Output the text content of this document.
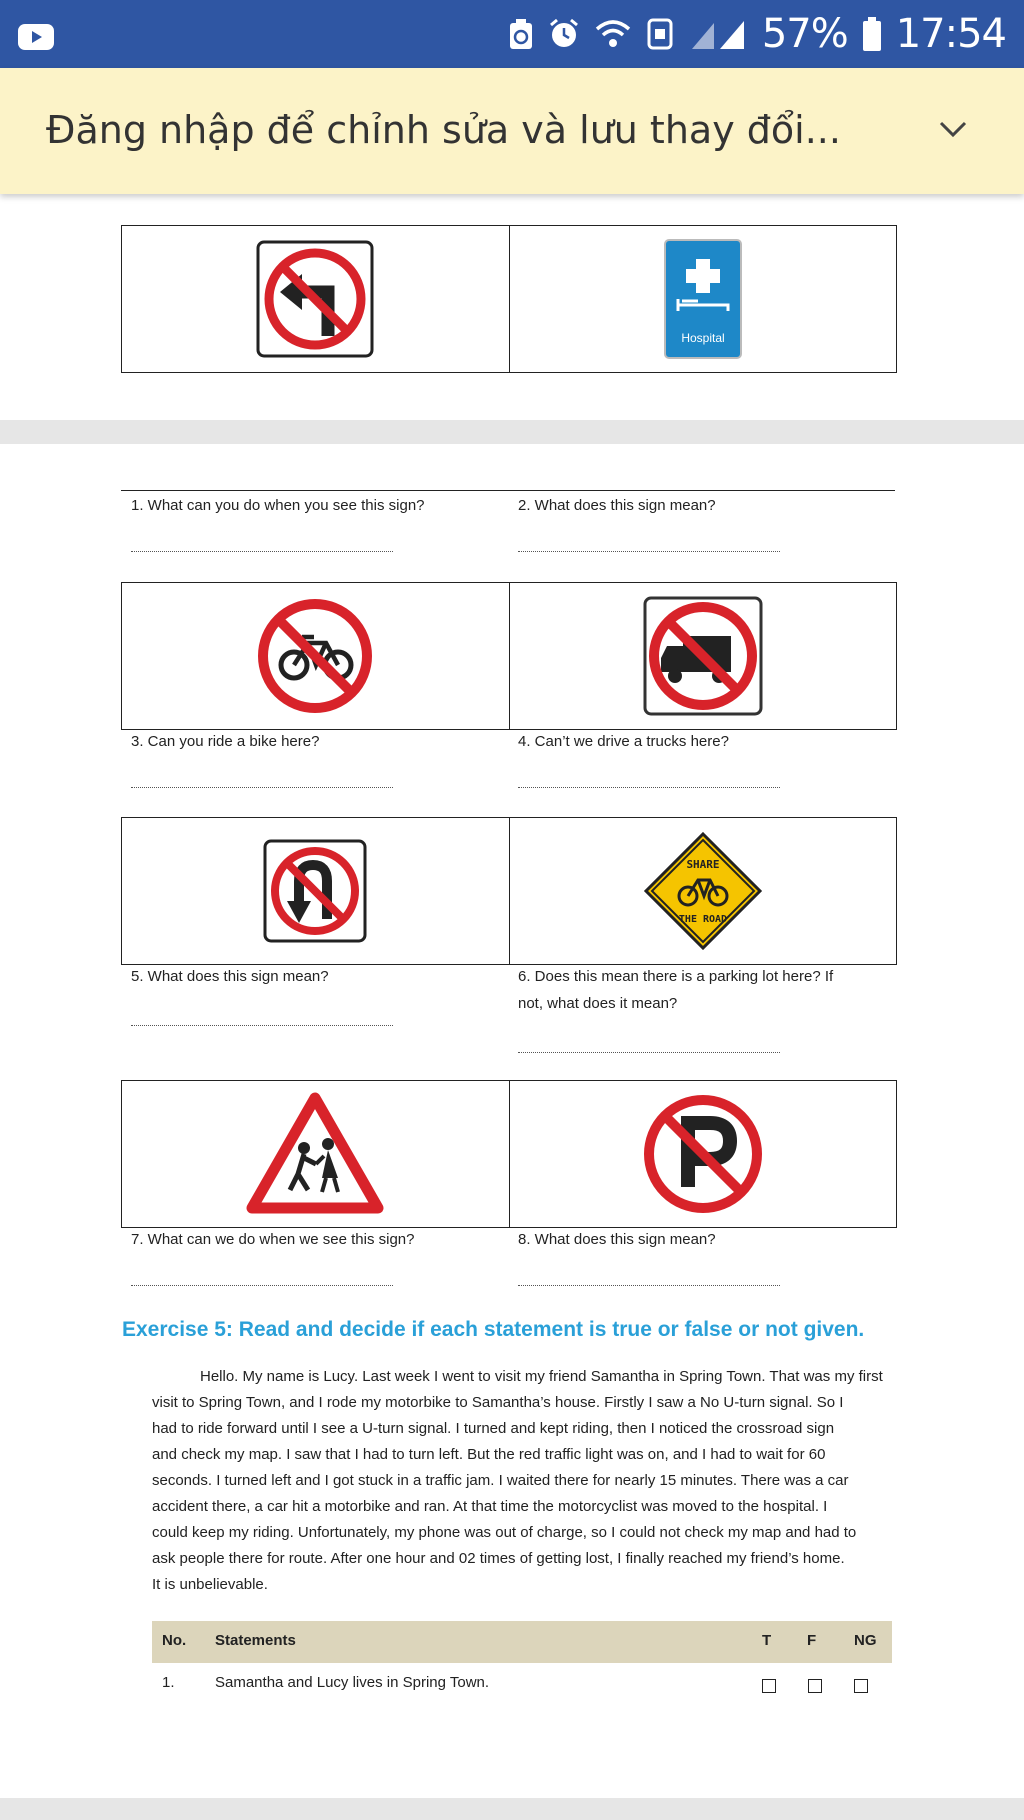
57% 17:54
Đăng nhập để chỉnh sửa và lưu thay đổi...
Hospital
1. What can you do when you see this sign?	2. What does this sign mean?
3. Can you ride a bike here?	4. Can’t we drive a trucks here?
SHARE
THE ROAD
5. What does this sign mean?	6. Does this mean there is a parking lot here? If
not, what does it mean?
7. What can we do when we see this sign?	8. What does this sign mean?
Exercise 5: Read and decide if each statement is true or false or not given.
Hello. My name is Lucy. Last week I went to visit my friend Samantha in Spring Town. That was my first
visit to Spring Town, and I rode my motorbike to Samantha’s house. Firstly I saw a No U-turn signal. So I
had to ride forward until I see a U-turn signal. I turned and kept riding, then I noticed the crossroad sign
and check my map. I saw that I had to turn left. But the red traffic light was on, and I had to wait for 60
seconds. I turned left and I got stuck in a traffic jam. I waited there for nearly 15 minutes. There was a car
accident there, a car hit a motorbike and ran. At that time the motorcyclist was moved to the hospital. I
could keep my riding. Unfortunately, my phone was out of charge, so I could not check my map and had to
ask people there for route. After one hour and 02 times of getting lost, I finally reached my friend’s home.
It is unbelievable.
No. Statements	T F	NG
1.	Samantha and Lucy lives in Spring Town.
